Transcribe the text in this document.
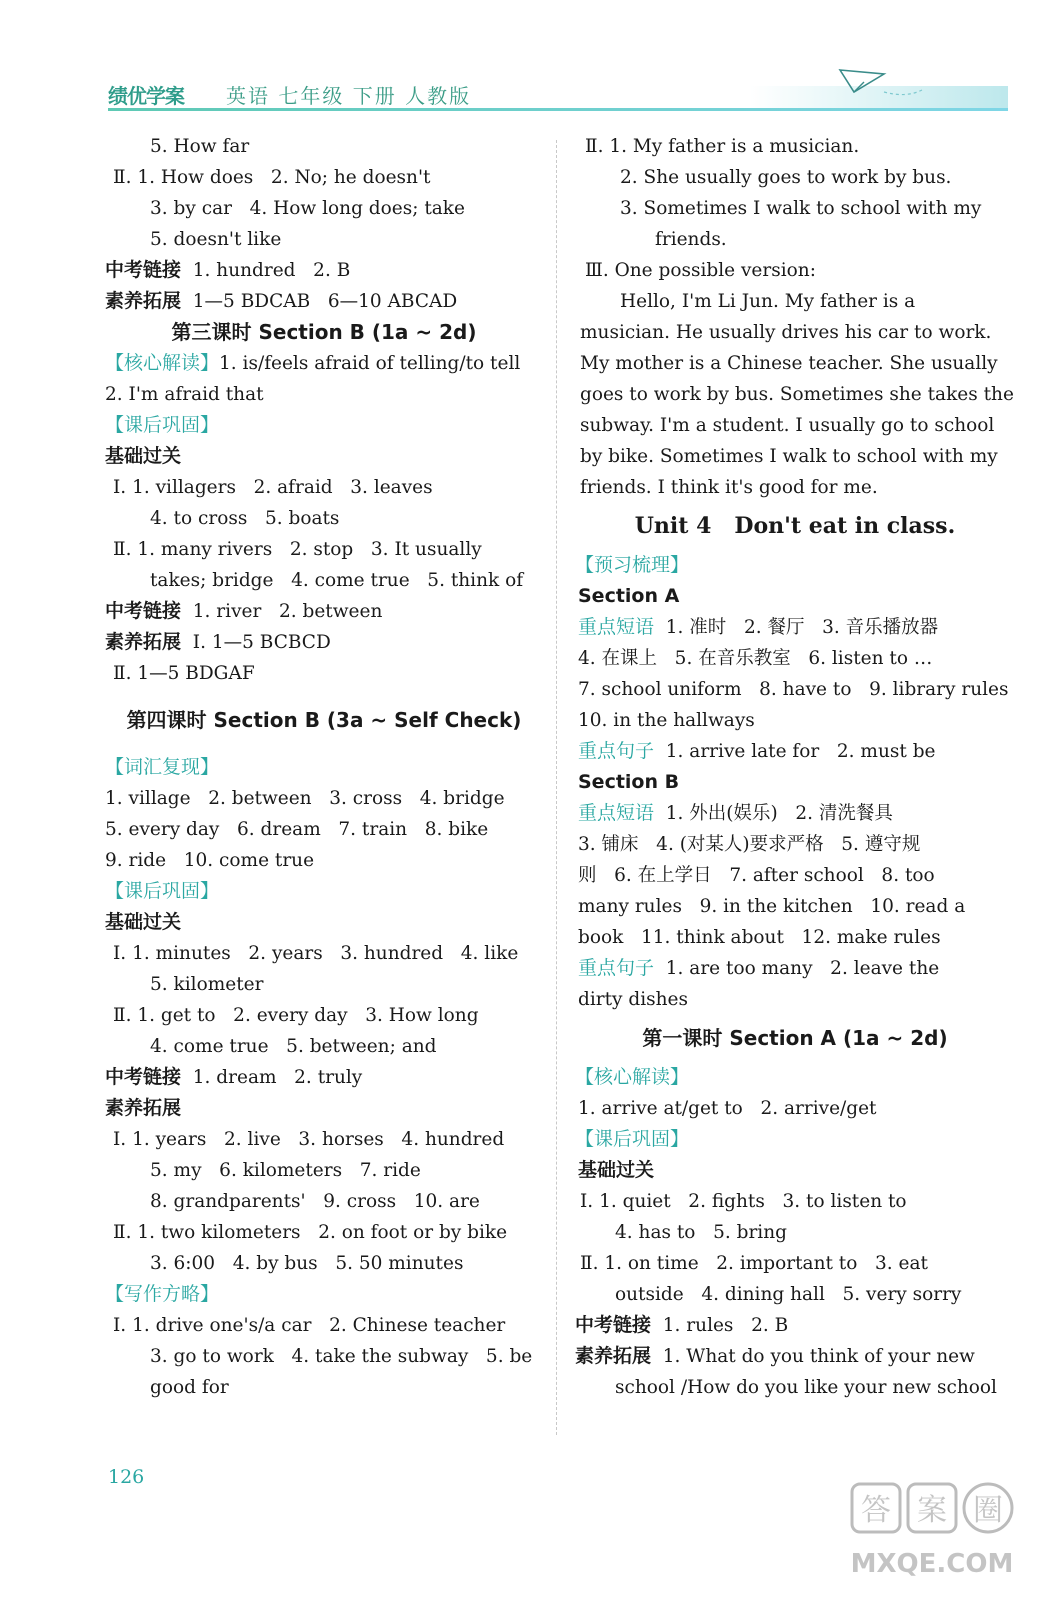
绩优学案 英语 七年级 下册 人教版
5. How far
Ⅱ. 1. How does   2. No; he doesn't
3. by car   4. How long does; take
5. doesn't like
中考链接  1. hundred   2. B
素养拓展  1—5 BDCAB   6—10 ABCAD
第三课时 Section B (1a ~ 2d)
【核心解读】1. is/feels afraid of telling/to tell
2. I'm afraid that
【课后巩固】
基础过关
Ⅰ. 1. villagers   2. afraid   3. leaves
4. to cross   5. boats
Ⅱ. 1. many rivers   2. stop   3. It usually
takes; bridge   4. come true   5. think of
中考链接  1. river   2. between
素养拓展  Ⅰ. 1—5 BCBCD
Ⅱ. 1—5 BDGAF
第四课时 Section B (3a ~ Self Check)
【词汇复现】
1. village   2. between   3. cross   4. bridge
5. every day   6. dream   7. train   8. bike
9. ride   10. come true
【课后巩固】
基础过关
Ⅰ. 1. minutes   2. years   3. hundred   4. like
5. kilometer
Ⅱ. 1. get to   2. every day   3. How long
4. come true   5. between; and
中考链接  1. dream   2. truly
素养拓展
Ⅰ. 1. years   2. live   3. horses   4. hundred
5. my   6. kilometers   7. ride
8. grandparents'   9. cross   10. are
Ⅱ. 1. two kilometers   2. on foot or by bike
3. 6:00   4. by bus   5. 50 minutes
【写作方略】
Ⅰ. 1. drive one's/a car   2. Chinese teacher
3. go to work   4. take the subway   5. be
good for
Ⅱ. 1. My father is a musician.
2. She usually goes to work by bus.
3. Sometimes I walk to school with my
friends.
Ⅲ. One possible version:
Hello, I'm Li Jun. My father is a
musician. He usually drives his car to work.
My mother is a Chinese teacher. She usually
goes to work by bus. Sometimes she takes the
subway. I'm a student. I usually go to school
by bike. Sometimes I walk to school with my
friends. I think it's good for me.
Unit 4   Don't eat in class.
【预习梳理】
Section A
重点短语  1. 准时   2. 餐厅   3. 音乐播放器
4. 在课上   5. 在音乐教室   6. listen to …
7. school uniform   8. have to   9. library rules
10. in the hallways
重点句子  1. arrive late for   2. must be
Section B
重点短语  1. 外出(娱乐)   2. 清洗餐具
3. 铺床   4. (对某人)要求严格   5. 遵守规
则   6. 在上学日   7. after school   8. too
many rules   9. in the kitchen   10. read a
book   11. think about   12. make rules
重点句子  1. are too many   2. leave the
dirty dishes
第一课时 Section A (1a ~ 2d)
【核心解读】
1. arrive at/get to   2. arrive/get
【课后巩固】
基础过关
Ⅰ. 1. quiet   2. fights   3. to listen to
4. has to   5. bring
Ⅱ. 1. on time   2. important to   3. eat
outside   4. dining hall   5. very sorry
中考链接  1. rules   2. B
素养拓展  1. What do you think of your new
school /How do you like your new school
126
答 案 圈
MXQE.COM
